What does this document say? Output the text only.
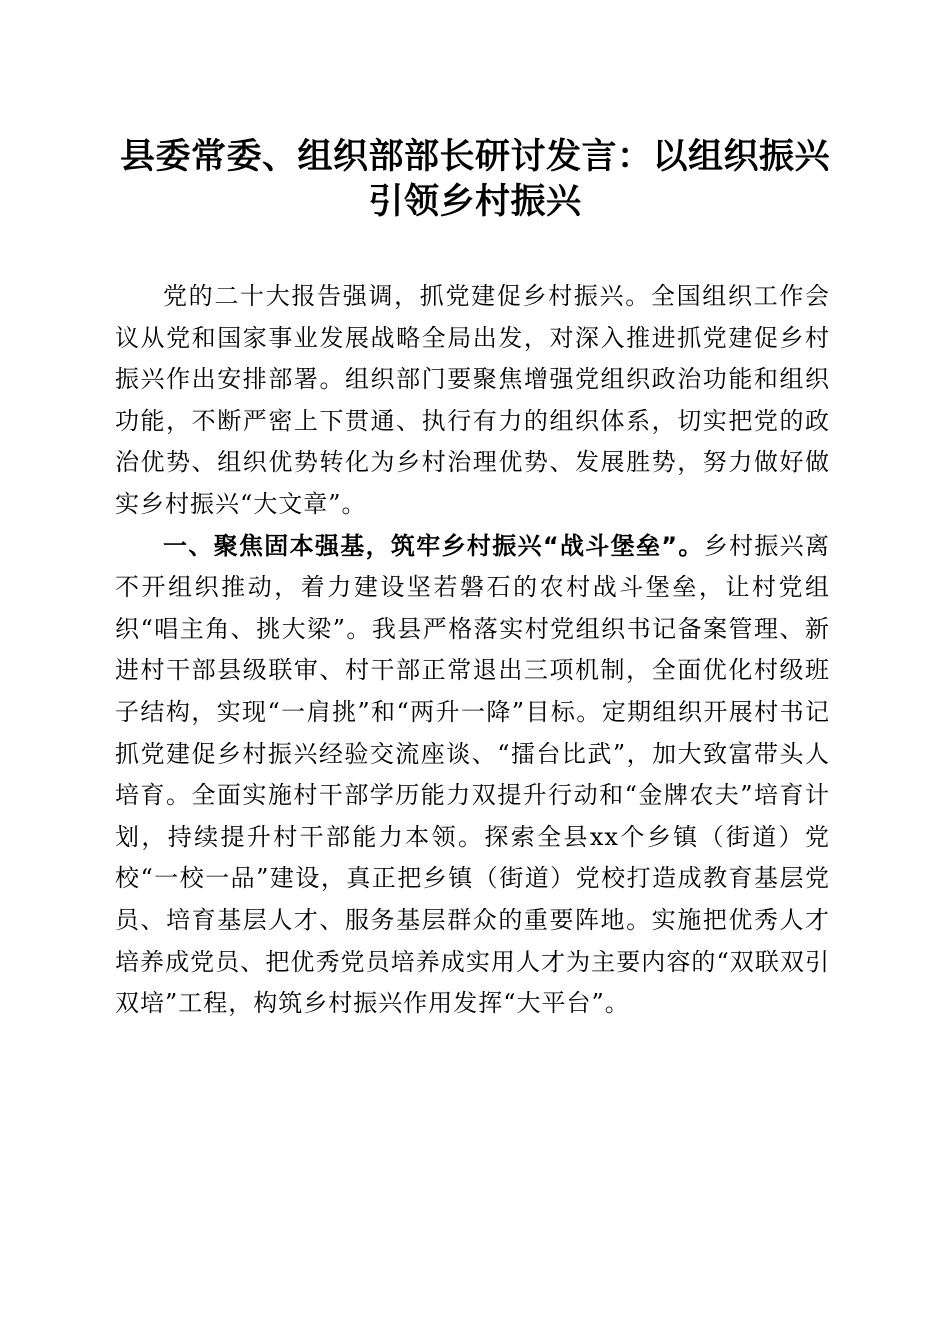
县委常委、组织部部长研讨发言：以组织振兴
引领乡村振兴

党的二十大报告强调，抓党建促乡村振兴。全国组织工作会议从党和国家事业发展战略全局出发，对深入推进抓党建促乡村振兴作出安排部署。组织部门要聚焦增强党组织政治功能和组织功能，不断严密上下贯通、执行有力的组织体系，切实把党的政治优势、组织优势转化为乡村治理优势、发展胜势，努力做好做实乡村振兴“大文章”。

一、聚焦固本强基，筑牢乡村振兴“战斗堡垒”。乡村振兴离不开组织推动，着力建设坚若磐石的农村战斗堡垒，让村党组织“唱主角、挑大梁”。我县严格落实村党组织书记备案管理、新进村干部县级联审、村干部正常退出三项机制，全面优化村级班子结构，实现“一肩挑”和“两升一降”目标。定期组织开展村书记抓党建促乡村振兴经验交流座谈、“擂台比武”，加大致富带头人培育。全面实施村干部学历能力双提升行动和“金牌农夫”培育计划，持续提升村干部能力本领。探索全县xx个乡镇（街道）党校“一校一品”建设，真正把乡镇（街道）党校打造成教育基层党员、培育基层人才、服务基层群众的重要阵地。实施把优秀人才培养成党员、把优秀党员培养成实用人才为主要内容的“双联双引双培”工程，构筑乡村振兴作用发挥“大平台”。
